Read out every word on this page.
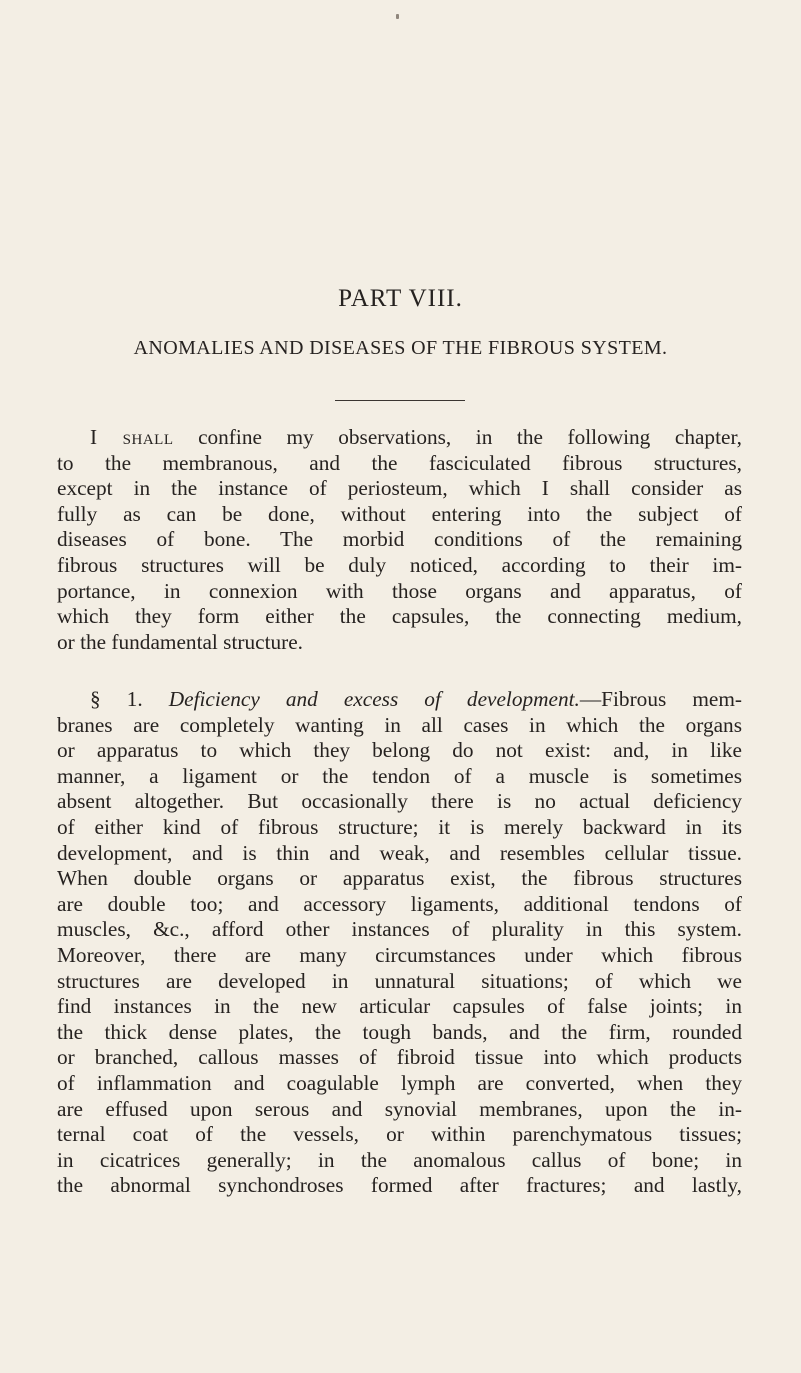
PART VIII.
ANOMALIES AND DISEASES OF THE FIBROUS SYSTEM.
I shall confine my observations, in the following chapter,
to the membranous, and the fasciculated fibrous structures,
except in the instance of periosteum, which I shall consider as
fully as can be done, without entering into the subject of
diseases of bone. The morbid conditions of the remaining
fibrous structures will be duly noticed, according to their im-
portance, in connexion with those organs and apparatus, of
which they form either the capsules, the connecting medium,
or the fundamental structure.
§ 1. Deficiency and excess of development.—Fibrous mem-
branes are completely wanting in all cases in which the organs
or apparatus to which they belong do not exist: and, in like
manner, a ligament or the tendon of a muscle is sometimes
absent altogether. But occasionally there is no actual deficiency
of either kind of fibrous structure; it is merely backward in its
development, and is thin and weak, and resembles cellular tissue.
When double organs or apparatus exist, the fibrous structures
are double too; and accessory ligaments, additional tendons of
muscles, &c., afford other instances of plurality in this system.
Moreover, there are many circumstances under which fibrous
structures are developed in unnatural situations; of which we
find instances in the new articular capsules of false joints; in
the thick dense plates, the tough bands, and the firm, rounded
or branched, callous masses of fibroid tissue into which products
of inflammation and coagulable lymph are converted, when they
are effused upon serous and synovial membranes, upon the in-
ternal coat of the vessels, or within parenchymatous tissues;
in cicatrices generally; in the anomalous callus of bone; in
the abnormal synchondroses formed after fractures; and lastly,
